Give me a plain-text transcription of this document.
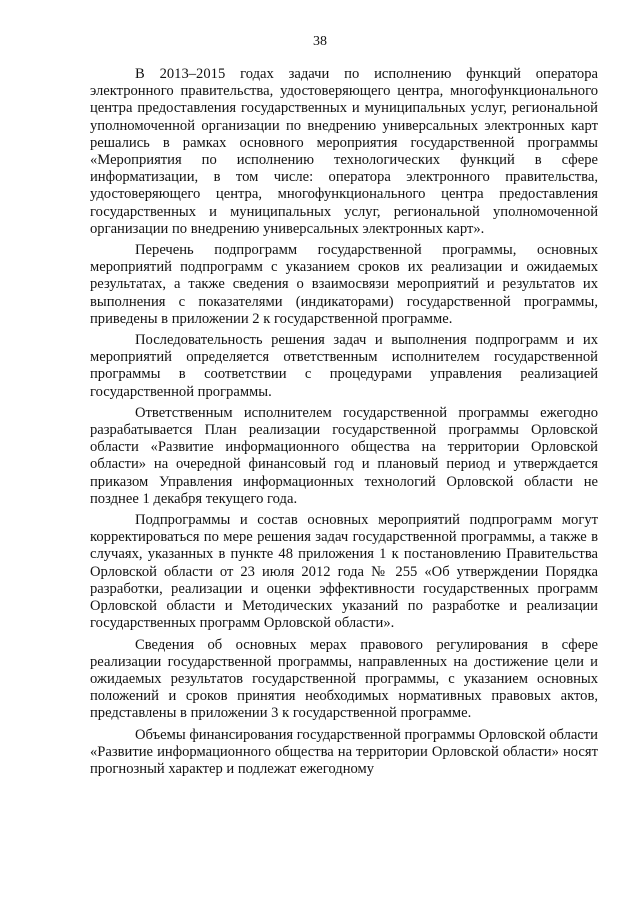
38

В 2013–2015 годах задачи по исполнению функций оператора электронного правительства, удостоверяющего центра, многофункционального центра предоставления государственных и муниципальных услуг, региональной уполномоченной организации по внедрению универсальных электронных карт решались в рамках основного мероприятия государственной программы «Мероприятия по исполнению технологических функций в сфере информатизации, в том числе: оператора электронного правительства, удостоверяющего центра, многофункционального центра предоставления государственных и муниципальных услуг, региональной уполномоченной организации по внедрению универсальных электронных карт».

Перечень подпрограмм государственной программы, основных мероприятий подпрограмм с указанием сроков их реализации и ожидаемых результатах, а также сведения о взаимосвязи мероприятий и результатов их выполнения с показателями (индикаторами) государственной программы, приведены в приложении 2 к государственной программе.

Последовательность решения задач и выполнения подпрограмм и их мероприятий определяется ответственным исполнителем государственной программы в соответствии с процедурами управления реализацией государственной программы.

Ответственным исполнителем государственной программы ежегодно разрабатывается План реализации государственной программы Орловской области «Развитие информационного общества на территории Орловской области» на очередной финансовый год и плановый период и утверждается приказом Управления информационных технологий Орловской области не позднее 1 декабря текущего года.

Подпрограммы и состав основных мероприятий подпрограмм могут корректироваться по мере решения задач государственной программы, а также в случаях, указанных в пункте 48 приложения 1 к постановлению Правительства Орловской области от 23 июля 2012 года № 255 «Об утверждении Порядка разработки, реализации и оценки эффективности государственных программ Орловской области и Методических указаний по разработке и реализации государственных программ Орловской области».

Сведения об основных мерах правового регулирования в сфере реализации государственной программы, направленных на достижение цели и ожидаемых результатов государственной программы, с указанием основных положений и сроков принятия необходимых нормативных правовых актов, представлены в приложении 3 к государственной программе.

Объемы финансирования государственной программы Орловской области «Развитие информационного общества на территории Орловской области» носят прогнозный характер и подлежат ежегодному
